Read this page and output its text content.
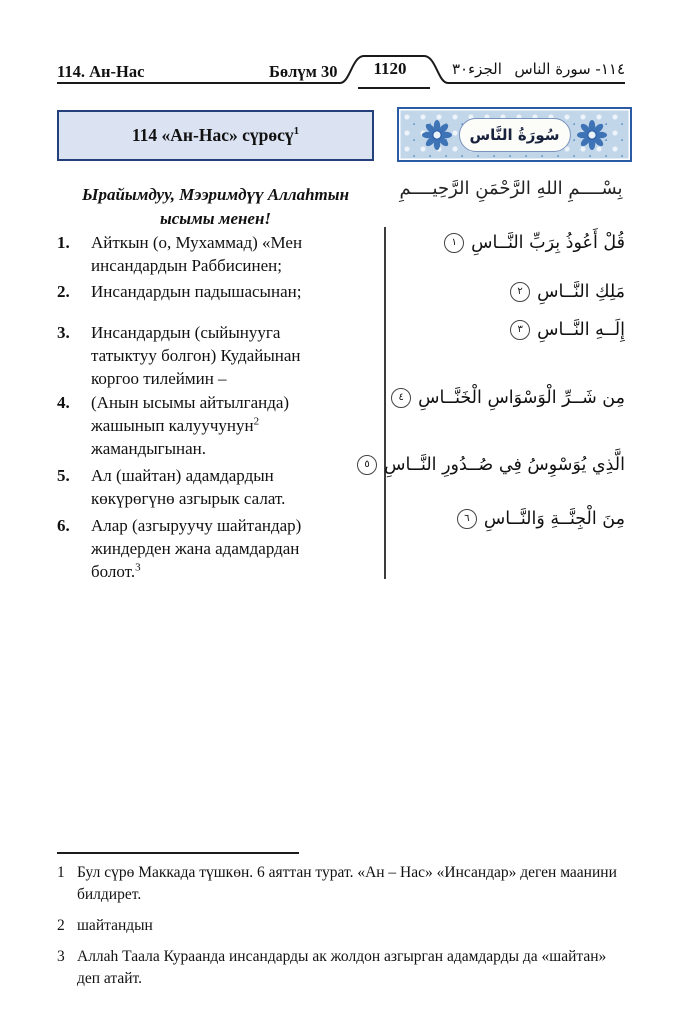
114. Ан-Нас	Бөлүм 30	1120	الجزء٣٠ ١١٤- سورة الناس
114 «Ан-Нас» сүрөсү$^1$	سُورَةُ النَّاس
Ырайымдуу, Мээримдүү Аллаһтын
ысымы менен!
بِسْــــمِ اللهِ الرَّحْمَنِ الرَّحِيــــمِ
1. Айткын (о, Мухаммад) «Мен
инсандардын Раббисинен;
2. Инсандардын падышасынан;
3. Инсандардын (сыйынууга
татыктуу болгон) Кудайынан
коргоо тилеймин –
4. (Анын ысымы айтылганда)
жашынып калуучунун$^2$
жамандыгынан.
5. Ал (шайтан) адамдардын
көкүрөгүнө азгырык салат.
6. Алар (азгыруучу шайтандар)
жиндерден жана адамдардан
болот.$^3$
قُلْ أَعُوذُ بِرَبِّ النَّــاسِ١
مَلِكِ النَّــاسِ٢
إِلَــهِ النَّــاسِ٣
مِن شَــرِّ الْوَسْوَاسِ الْخَنَّــاسِ٤
الَّذِي يُوَسْوِسُ فِي صُــدُورِ النَّــاسِ٥
مِنَ الْجِنَّــةِ وَالنَّــاسِ٦
1 Бул сүрө Маккада түшкөн. 6 аяттан турат. «Ан – Нас» «Инсандар» деген маанини билдирет.
2 шайтандын
3 Аллаһ Таала Кураанда инсандарды ак жолдон азгырган адамдарды да «шайтан» деп атайт.
